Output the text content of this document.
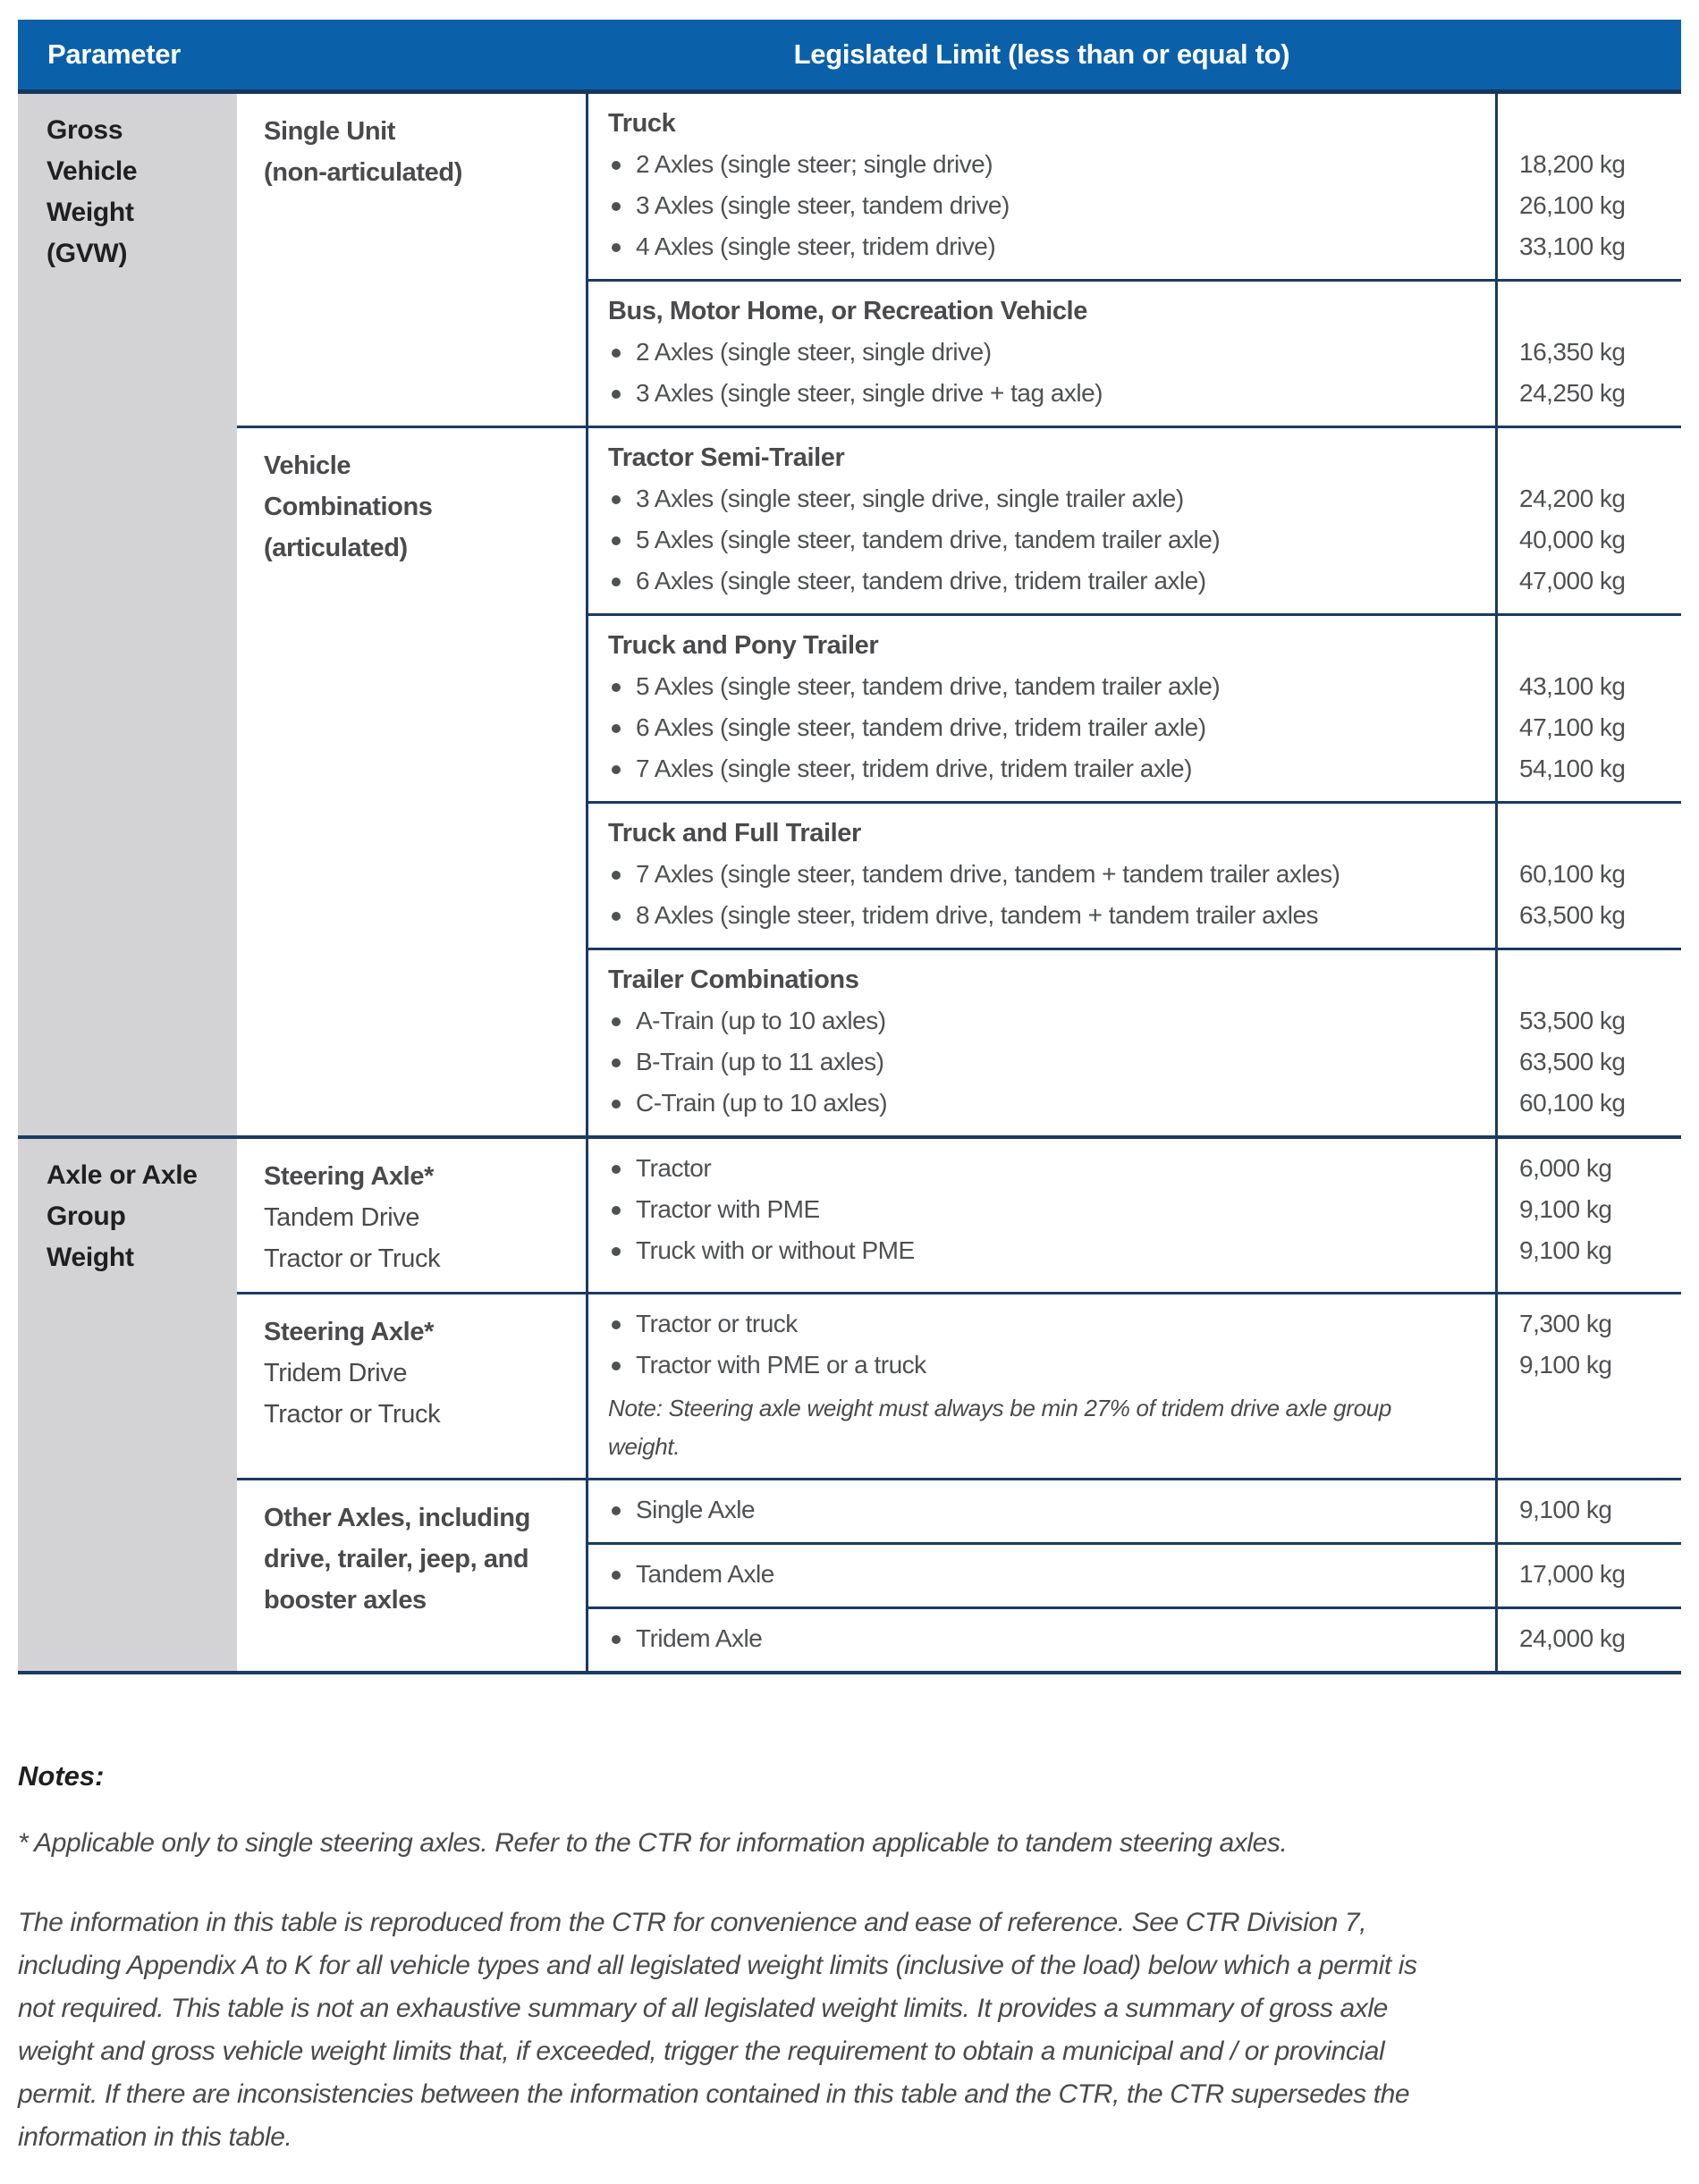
Parameter	Legislated Limit (less than or equal to)
Gross
Vehicle
Weight
(GVW)
Single Unit
(non-articulated)
Truck
2 Axles (single steer; single drive)	18,200 kg
3 Axles (single steer, tandem drive)	26,100 kg
4 Axles (single steer, tridem drive)	33,100 kg
Bus, Motor Home, or Recreation Vehicle
2 Axles (single steer, single drive)	16,350 kg
3 Axles (single steer, single drive + tag axle)	24,250 kg
Vehicle
Combinations
(articulated)
Tractor Semi-Trailer
3 Axles (single steer, single drive, single trailer axle)	24,200 kg
5 Axles (single steer, tandem drive, tandem trailer axle)	40,000 kg
6 Axles (single steer, tandem drive, tridem trailer axle)	47,000 kg
Truck and Pony Trailer
5 Axles (single steer, tandem drive, tandem trailer axle)	43,100 kg
6 Axles (single steer, tandem drive, tridem trailer axle)	47,100 kg
7 Axles (single steer, tridem drive, tridem trailer axle)	54,100 kg
Truck and Full Trailer
7 Axles (single steer, tandem drive, tandem + tandem trailer axles)	60,100 kg
8 Axles (single steer, tridem drive, tandem + tandem trailer axles	63,500 kg
Trailer Combinations
A-Train (up to 10 axles)	53,500 kg
B-Train (up to 11 axles)	63,500 kg
C-Train (up to 10 axles)	60,100 kg
Axle or Axle
Group
Weight
Steering Axle*
Tandem Drive
Tractor or Truck
Tractor	6,000 kg
Tractor with PME	9,100 kg
Truck with or without PME	9,100 kg
Steering Axle*
Tridem Drive
Tractor or Truck
Tractor or truck	7,300 kg
Tractor with PME or a truck	9,100 kg
Note: Steering axle weight must always be min 27% of tridem drive axle group weight.
Other Axles, including drive, trailer, jeep, and booster axles
Single Axle	9,100 kg
Tandem Axle	17,000 kg
Tridem Axle	24,000 kg
Notes:
* Applicable only to single steering axles. Refer to the CTR for information applicable to tandem steering axles.
The information in this table is reproduced from the CTR for convenience and ease of reference. See CTR Division 7, including Appendix A to K for all vehicle types and all legislated weight limits (inclusive of the load) below which a permit is not required. This table is not an exhaustive summary of all legislated weight limits. It provides a summary of gross axle weight and gross vehicle weight limits that, if exceeded, trigger the requirement to obtain a municipal and / or provincial permit. If there are inconsistencies between the information contained in this table and the CTR, the CTR supersedes the information in this table.
